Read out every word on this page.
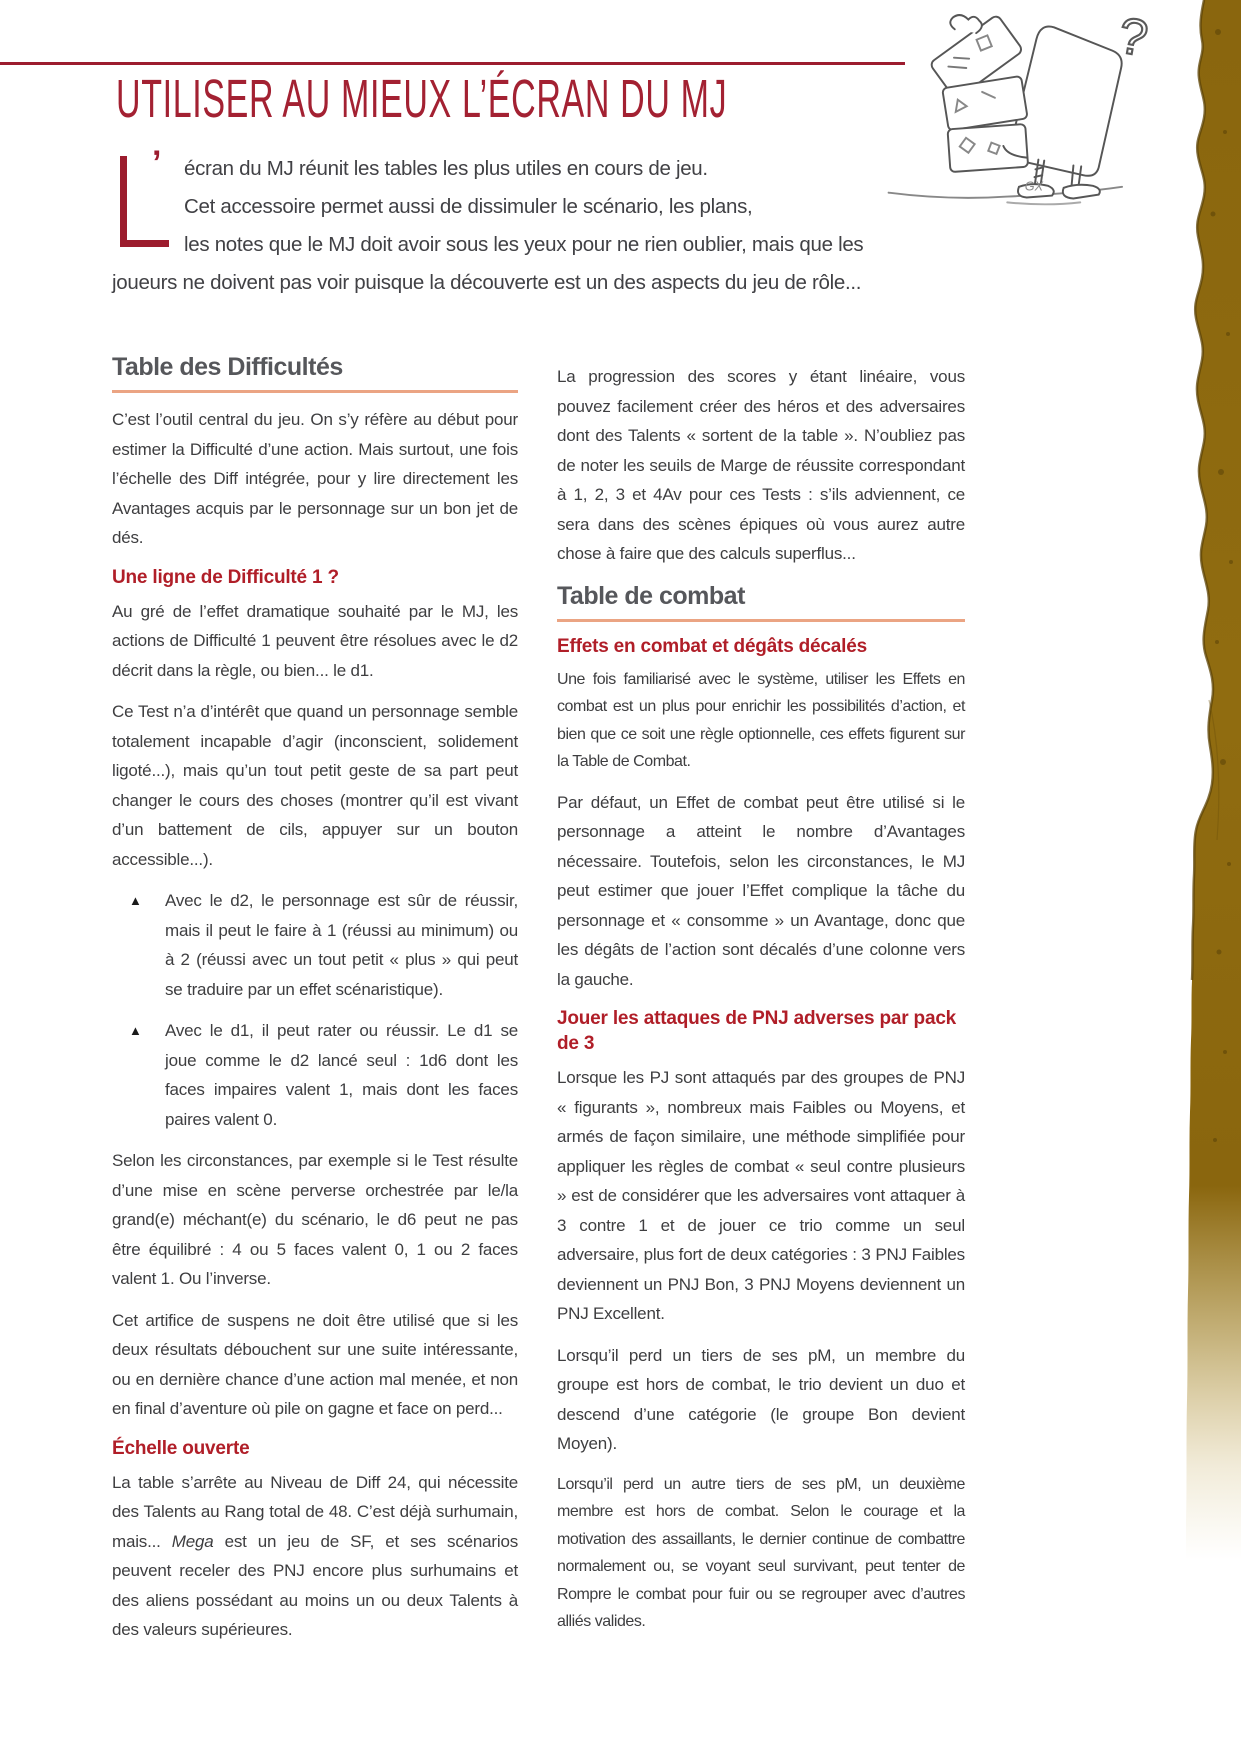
UTILISER AU MIEUX L’ÉCRAN DU MJ
?
GX
’ écran du MJ réunit les tables les plus utiles en cours de jeu.
Cet accessoire permet aussi de dissimuler le scénario, les plans,
les notes que le MJ doit avoir sous les yeux pour ne rien oublier, mais que les
joueurs ne doivent pas voir puisque la découverte est un des aspects du jeu de rôle...
Table des Difficultés

C’est l’outil central du jeu. On s’y réfère au début pour estimer la Difficulté d’une action. Mais surtout, une fois l’échelle des Diff intégrée, pour y lire directement les Avantages acquis par le personnage sur un bon jet de dés.

Une ligne de Difficulté 1 ?

Au gré de l’effet dramatique souhaité par le MJ, les actions de Difficulté 1 peuvent être résolues avec le d2 décrit dans la règle, ou bien... le d1.

Ce Test n’a d’intérêt que quand un personnage semble totalement incapable d’agir (inconscient, solidement ligoté...), mais qu’un tout petit geste de sa part peut changer le cours des choses (montrer qu’il est vivant d’un battement de cils, appuyer sur un bouton accessible...).

▲	Avec le d2, le personnage est sûr de réussir, mais il peut le faire à 1 (réussi au minimum) ou à 2 (réussi avec un tout petit « plus » qui peut se traduire par un effet scénaristique).

▲	Avec le d1, il peut rater ou réussir. Le d1 se joue comme le d2 lancé seul : 1d6 dont les faces impaires valent 1, mais dont les faces paires valent 0.

Selon les circonstances, par exemple si le Test résulte d’une mise en scène perverse orchestrée par le/la grand(e) méchant(e) du scénario, le d6 peut ne pas être équilibré : 4 ou 5 faces valent 0, 1 ou 2 faces valent 1. Ou l’inverse.

Cet artifice de suspens ne doit être utilisé que si les deux résultats débouchent sur une suite intéressante, ou en dernière chance d’une action mal menée, et non en final d’aventure où pile on gagne et face on perd...

Échelle ouverte

La table s’arrête au Niveau de Diff 24, qui nécessite des Talents au Rang total de 48. C’est déjà surhumain, mais... Mega est un jeu de SF, et ses scénarios peuvent receler des PNJ encore plus surhumains et des aliens possédant au moins un ou deux Talents à des valeurs supérieures.

La progression des scores y étant linéaire, vous pouvez facilement créer des héros et des adversaires dont des Talents « sortent de la table ». N’oubliez pas de noter les seuils de Marge de réussite correspondant à 1, 2, 3 et 4Av pour ces Tests : s’ils adviennent, ce sera dans des scènes épiques où vous aurez autre chose à faire que des calculs superflus...

Table de combat
Effets en combat et dégâts décalés

Une fois familiarisé avec le système, utiliser les Effets en combat est un plus pour enrichir les possibilités d’action, et bien que ce soit une règle optionnelle, ces effets figurent sur la Table de Combat.

Par défaut, un Effet de combat peut être utilisé si le personnage a atteint le nombre d’Avantages nécessaire. Toutefois, selon les circonstances, le MJ peut estimer que jouer l’Effet complique la tâche du personnage et « consomme » un Avantage, donc que les dégâts de l’action sont décalés d’une colonne vers la gauche.

Jouer les attaques de PNJ adverses par pack de 3

Lorsque les PJ sont attaqués par des groupes de PNJ « figurants », nombreux mais Faibles ou Moyens, et armés de façon similaire, une méthode simplifiée pour appliquer les règles de combat « seul contre plusieurs » est de considérer que les adversaires vont attaquer à 3 contre 1 et de jouer ce trio comme un seul adversaire, plus fort de deux catégories : 3 PNJ Faibles deviennent un PNJ Bon, 3 PNJ Moyens deviennent un PNJ Excellent.

Lorsqu’il perd un tiers de ses pM, un membre du groupe est hors de combat, le trio devient un duo et descend d’une catégorie (le groupe Bon devient Moyen).

Lorsqu’il perd un autre tiers de ses pM, un deuxième membre est hors de combat. Selon le courage et la motivation des assaillants, le dernier continue de combattre normalement ou, se voyant seul survivant, peut tenter de Rompre le combat pour fuir ou se regrouper avec d’autres alliés valides.
